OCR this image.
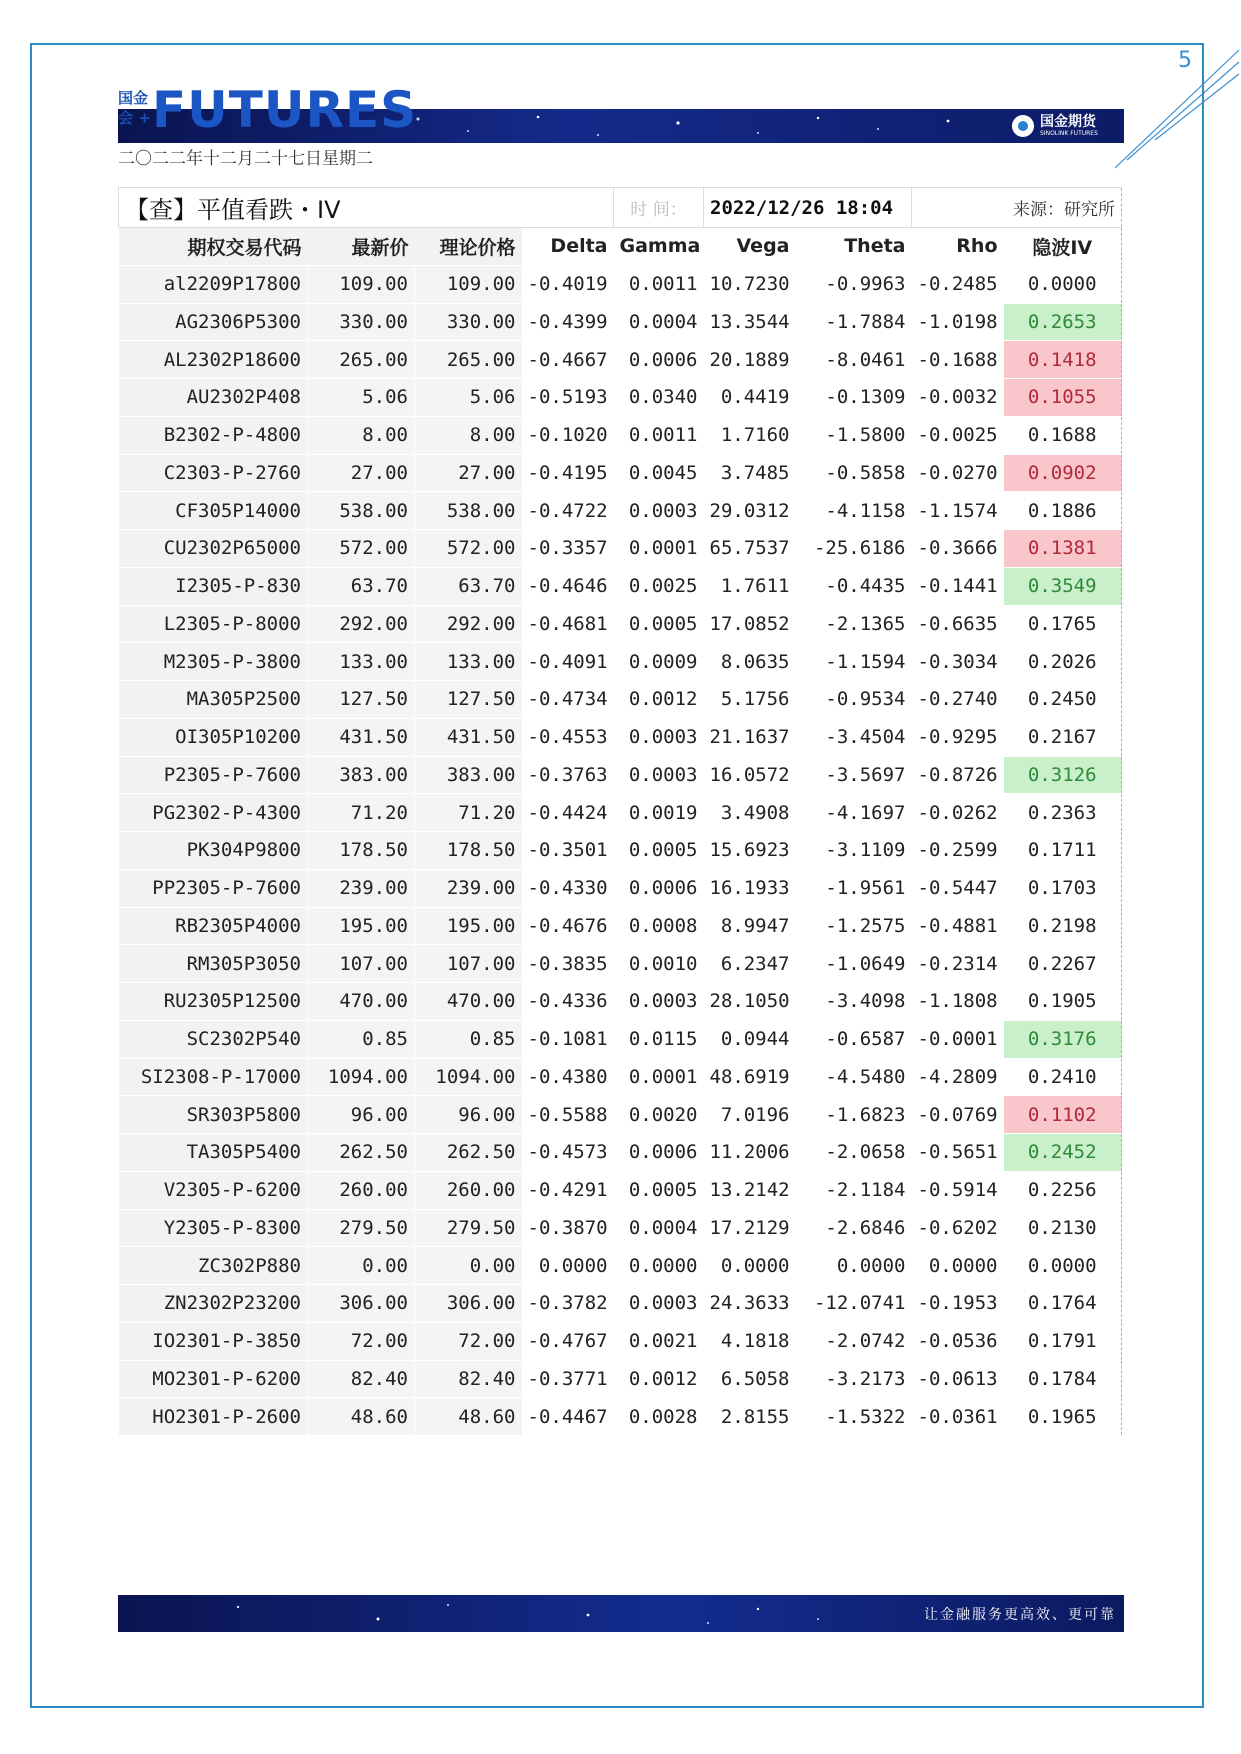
5
国金
会 + FUTURES	国金期货
SINOLINK FUTURES
二〇二二年十二月二十七日星期二
【查】平值看跌・IV				时 间：	2022/12/26 18:04		来源：研究所	
期权交易代码	最新价	理论价格	Delta	Gamma	Vega	Theta	Rho	隐波IV
al2209P17800	109.00	109.00	-0.4019	0.0011	10.7230	-0.9963	-0.2485	0.0000
AG2306P5300	330.00	330.00	-0.4399	0.0004	13.3544	-1.7884	-1.0198	0.2653
AL2302P18600	265.00	265.00	-0.4667	0.0006	20.1889	-8.0461	-0.1688	0.1418
AU2302P408	5.06	5.06	-0.5193	0.0340	0.4419	-0.1309	-0.0032	0.1055
B2302-P-4800	8.00	8.00	-0.1020	0.0011	1.7160	-1.5800	-0.0025	0.1688
C2303-P-2760	27.00	27.00	-0.4195	0.0045	3.7485	-0.5858	-0.0270	0.0902
CF305P14000	538.00	538.00	-0.4722	0.0003	29.0312	-4.1158	-1.1574	0.1886
CU2302P65000	572.00	572.00	-0.3357	0.0001	65.7537	-25.6186	-0.3666	0.1381
I2305-P-830	63.70	63.70	-0.4646	0.0025	1.7611	-0.4435	-0.1441	0.3549
L2305-P-8000	292.00	292.00	-0.4681	0.0005	17.0852	-2.1365	-0.6635	0.1765
M2305-P-3800	133.00	133.00	-0.4091	0.0009	8.0635	-1.1594	-0.3034	0.2026
MA305P2500	127.50	127.50	-0.4734	0.0012	5.1756	-0.9534	-0.2740	0.2450
OI305P10200	431.50	431.50	-0.4553	0.0003	21.1637	-3.4504	-0.9295	0.2167
P2305-P-7600	383.00	383.00	-0.3763	0.0003	16.0572	-3.5697	-0.8726	0.3126
PG2302-P-4300	71.20	71.20	-0.4424	0.0019	3.4908	-4.1697	-0.0262	0.2363
PK304P9800	178.50	178.50	-0.3501	0.0005	15.6923	-3.1109	-0.2599	0.1711
PP2305-P-7600	239.00	239.00	-0.4330	0.0006	16.1933	-1.9561	-0.5447	0.1703
RB2305P4000	195.00	195.00	-0.4676	0.0008	8.9947	-1.2575	-0.4881	0.2198
RM305P3050	107.00	107.00	-0.3835	0.0010	6.2347	-1.0649	-0.2314	0.2267
RU2305P12500	470.00	470.00	-0.4336	0.0003	28.1050	-3.4098	-1.1808	0.1905
SC2302P540	0.85	0.85	-0.1081	0.0115	0.0944	-0.6587	-0.0001	0.3176
SI2308-P-17000	1094.00	1094.00	-0.4380	0.0001	48.6919	-4.5480	-4.2809	0.2410
SR303P5800	96.00	96.00	-0.5588	0.0020	7.0196	-1.6823	-0.0769	0.1102
TA305P5400	262.50	262.50	-0.4573	0.0006	11.2006	-2.0658	-0.5651	0.2452
V2305-P-6200	260.00	260.00	-0.4291	0.0005	13.2142	-2.1184	-0.5914	0.2256
Y2305-P-8300	279.50	279.50	-0.3870	0.0004	17.2129	-2.6846	-0.6202	0.2130
ZC302P880	0.00	0.00	0.0000	0.0000	0.0000	0.0000	0.0000	0.0000
ZN2302P23200	306.00	306.00	-0.3782	0.0003	24.3633	-12.0741	-0.1953	0.1764
IO2301-P-3850	72.00	72.00	-0.4767	0.0021	4.1818	-2.0742	-0.0536	0.1791
MO2301-P-6200	82.40	82.40	-0.3771	0.0012	6.5058	-3.2173	-0.0613	0.1784
HO2301-P-2600	48.60	48.60	-0.4467	0.0028	2.8155	-1.5322	-0.0361	0.1965
让金融服务更高效、更可靠
